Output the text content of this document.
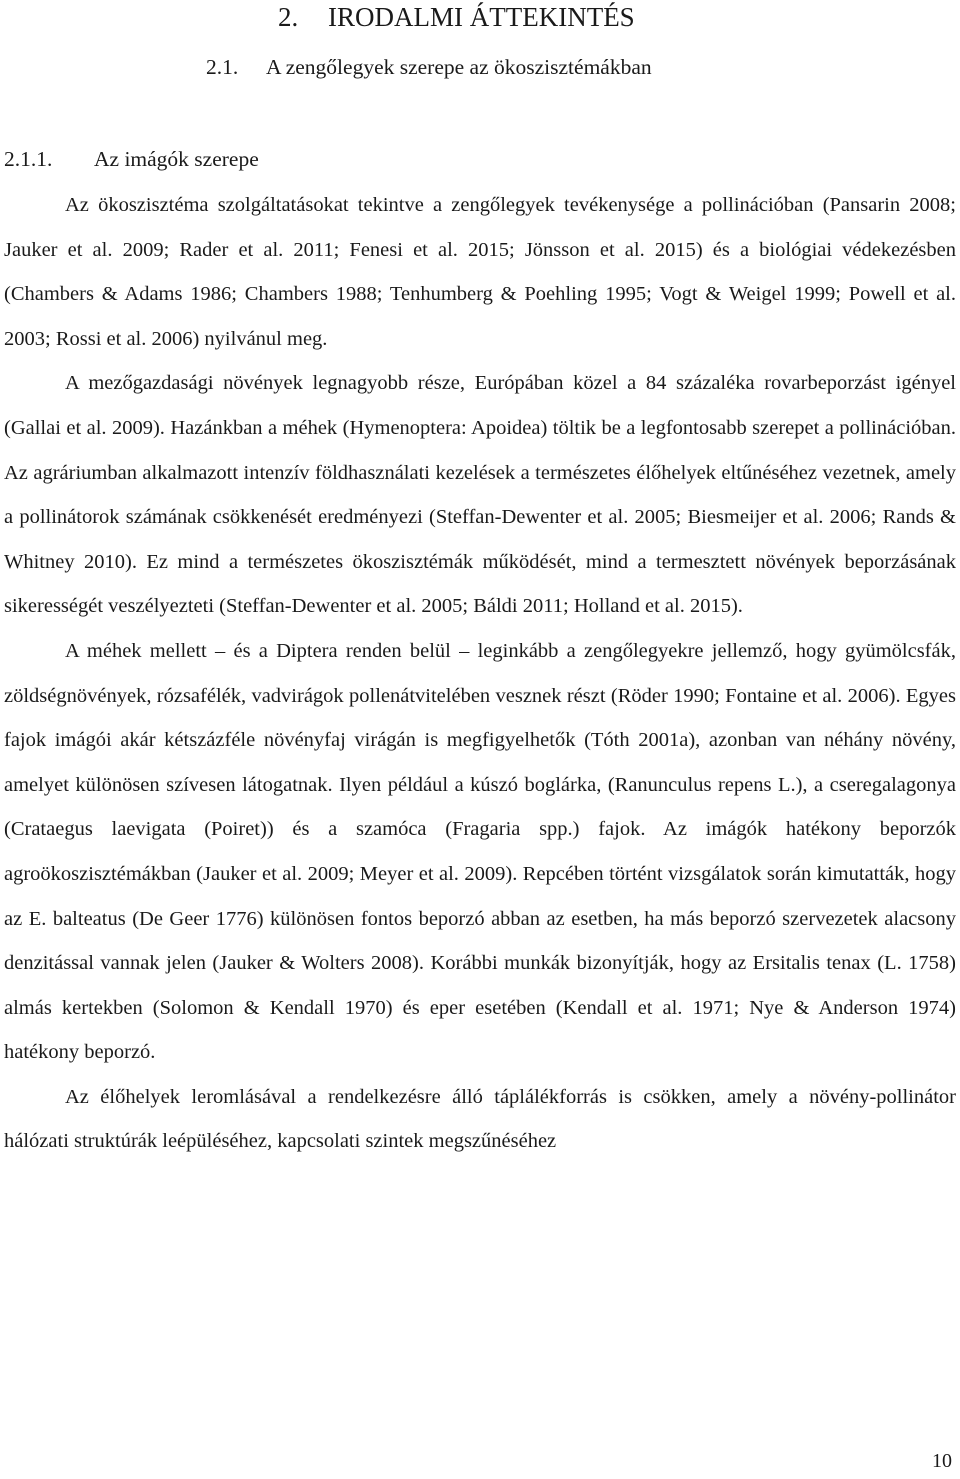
2. IRODALMI ÁTTEKINTÉS
2.1. A zengőlegyek szerepe az ökoszisztémákban
2.1.1. Az imágók szerepe

Az ökoszisztéma szolgáltatásokat tekintve a zengőlegyek tevékenysége a pollinációban (Pansarin 2008; Jauker et al. 2009; Rader et al. 2011; Fenesi et al. 2015; Jönsson et al. 2015) és a biológiai védekezésben (Chambers & Adams 1986; Chambers 1988; Tenhumberg & Poehling 1995; Vogt & Weigel 1999; Powell et al. 2003; Rossi et al. 2006) nyilvánul meg.

A mezőgazdasági növények legnagyobb része, Európában közel a 84 százaléka rovarbeporzást igényel (Gallai et al. 2009). Hazánkban a méhek (Hymenoptera: Apoidea) töltik be a legfontosabb szerepet a pollinációban. Az agráriumban alkalmazott intenzív földhasználati kezelések a természetes élőhelyek eltűnéséhez vezetnek, amely a pollinátorok számának csökkenését eredményezi (Steffan-Dewenter et al. 2005; Biesmeijer et al. 2006; Rands & Whitney 2010). Ez mind a természetes ökoszisztémák működését, mind a termesztett növények beporzásának sikerességét veszélyezteti (Steffan-Dewenter et al. 2005; Báldi 2011; Holland et al. 2015).

A méhek mellett – és a Diptera renden belül – leginkább a zengőlegyekre jellemző, hogy gyümölcsfák, zöldségnövények, rózsafélék, vadvirágok pollenátvitelében vesznek részt (Röder 1990; Fontaine et al. 2006). Egyes fajok imágói akár kétszázféle növényfaj virágán is megfigyelhetők (Tóth 2001a), azonban van néhány növény, amelyet különösen szívesen látogatnak. Ilyen például a kúszó boglárka, (Ranunculus repens L.), a cseregalagonya (Crataegus laevigata (Poiret)) és a szamóca (Fragaria spp.) fajok. Az imágók hatékony beporzók agroökoszisztémákban (Jauker et al. 2009; Meyer et al. 2009). Repcében történt vizsgálatok során kimutatták, hogy az E. balteatus (De Geer 1776) különösen fontos beporzó abban az esetben, ha más beporzó szervezetek alacsony denzitással vannak jelen (Jauker & Wolters 2008). Korábbi munkák bizonyítják, hogy az Ersitalis tenax (L. 1758) almás kertekben (Solomon & Kendall 1970) és eper esetében (Kendall et al. 1971; Nye & Anderson 1974) hatékony beporzó.

Az élőhelyek leromlásával a rendelkezésre álló táplálékforrás is csökken, amely a növény-pollinátor hálózati struktúrák leépüléséhez, kapcsolati szintek megszűnéséhez

10
